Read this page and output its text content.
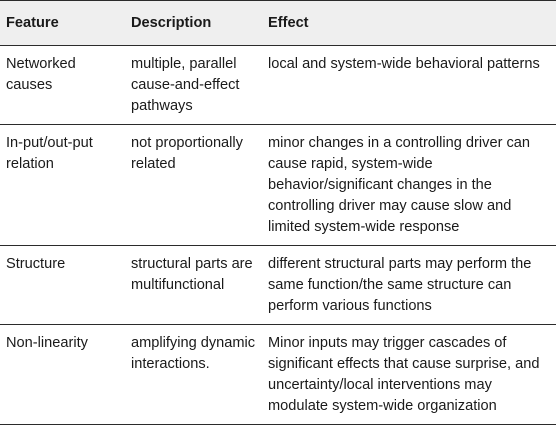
Feature	Description	Effect
Networked causes	multiple, parallel cause-and-effect pathways	local and system-wide behavioral patterns
In-put/out-put relation	not proportionally related	minor changes in a controlling driver can cause rapid, system-wide behavior/significant changes in the controlling driver may cause slow and limited system-wide response
Structure	structural parts are multifunctional	different structural parts may perform the same function/the same structure can perform various functions
Non-linearity	amplifying dynamic interactions.	Minor inputs may trigger cascades of significant effects that cause surprise, and uncertainty/local interventions may modulate system-wide organization
